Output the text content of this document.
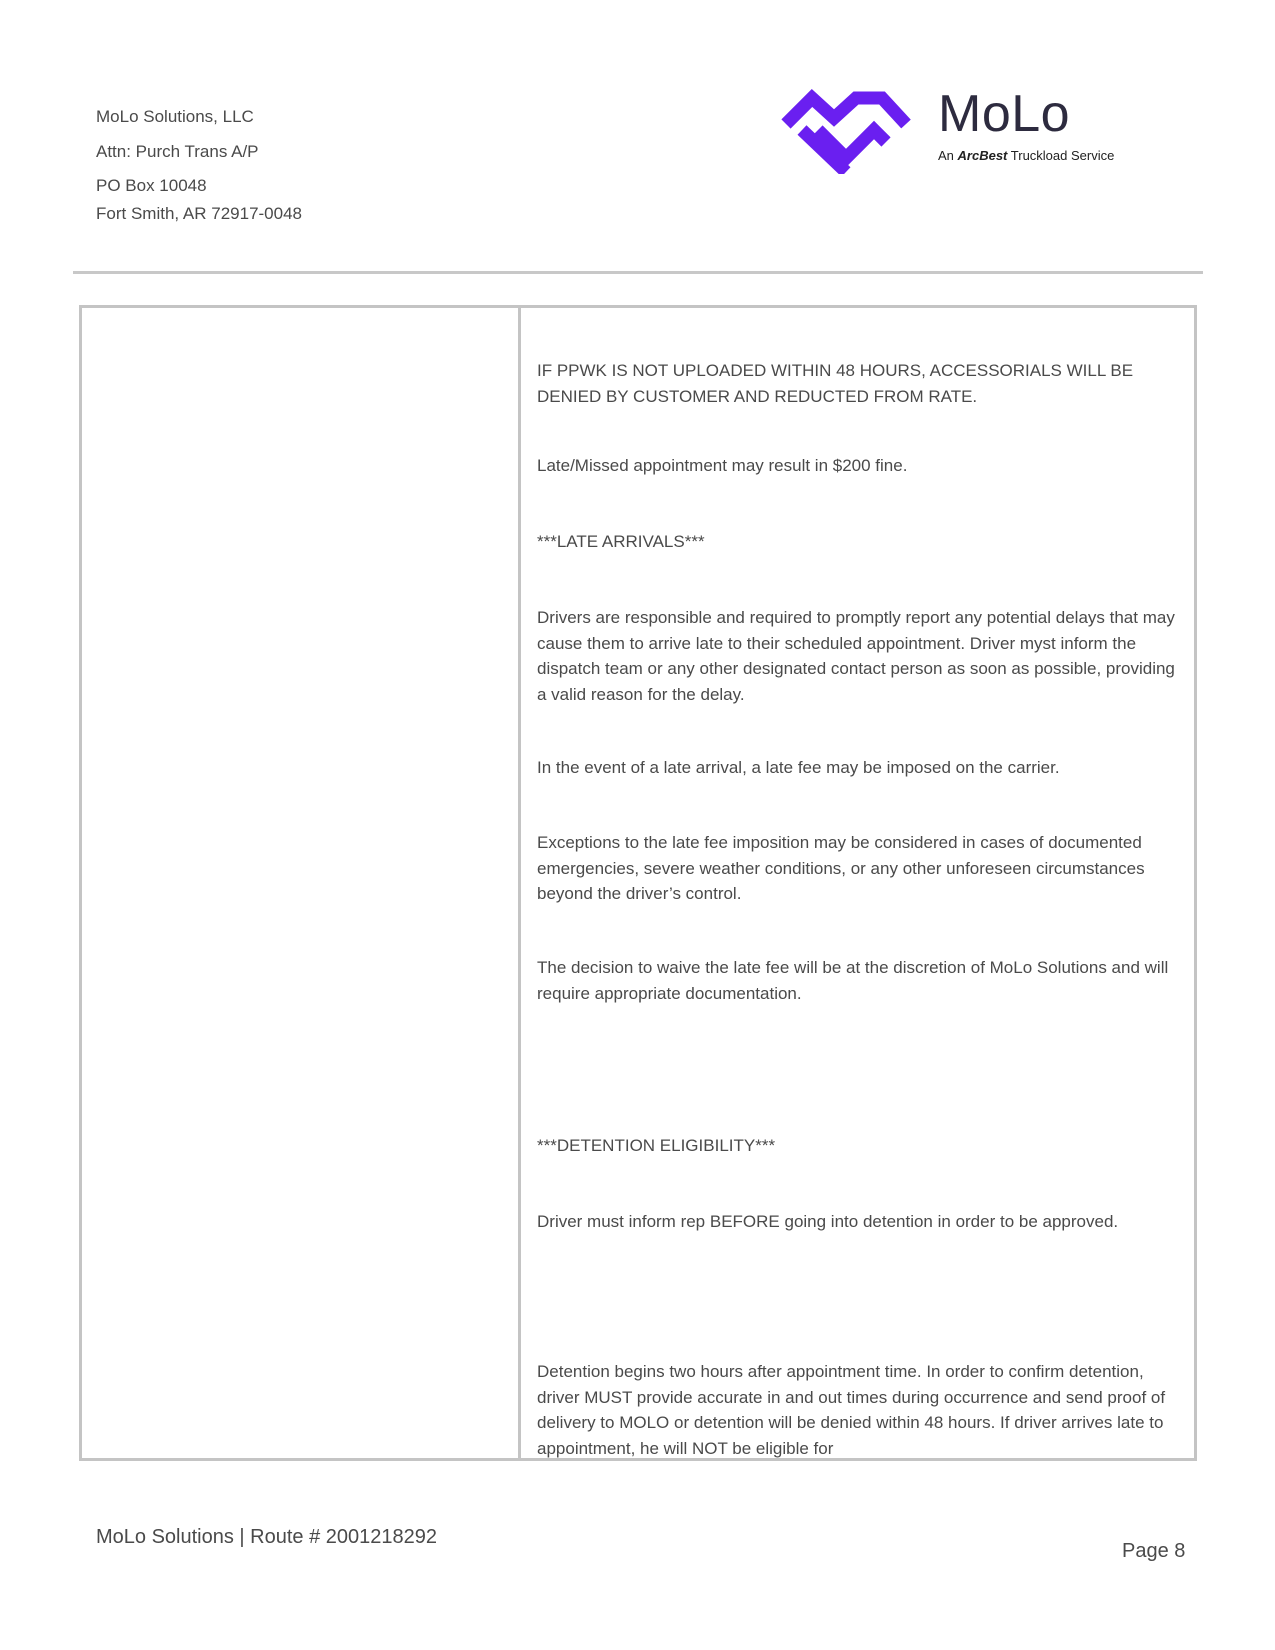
MoLo Solutions, LLC
Attn: Purch Trans A/P
PO Box 10048
Fort Smith, AR 72917-0048
MoLo
An ArcBest Truckload Service

IF PPWK IS NOT UPLOADED WITHIN 48 HOURS, ACCESSORIALS WILL BE DENIED BY CUSTOMER AND REDUCTED FROM RATE.

Late/Missed appointment may result in $200 fine.

***LATE ARRIVALS***

Drivers are responsible and required to promptly report any potential delays that may cause them to arrive late to their scheduled appointment. Driver myst inform the dispatch team or any other designated contact person as soon as possible, providing a valid reason for the delay.

In the event of a late arrival, a late fee may be imposed on the carrier.

Exceptions to the late fee imposition may be considered in cases of documented emergencies, severe weather conditions, or any other unforeseen circumstances beyond the driver’s control.

The decision to waive the late fee will be at the discretion of MoLo Solutions and will require appropriate documentation.

***DETENTION ELIGIBILITY***

Driver must inform rep BEFORE going into detention in order to be approved.

Detention begins two hours after appointment time. In order to confirm detention, driver MUST provide accurate in and out times during occurrence and send proof of delivery to MOLO or detention will be denied within 48 hours. If driver arrives late to appointment, he will NOT be eligible for

MoLo Solutions | Route # 2001218292
Page 8
